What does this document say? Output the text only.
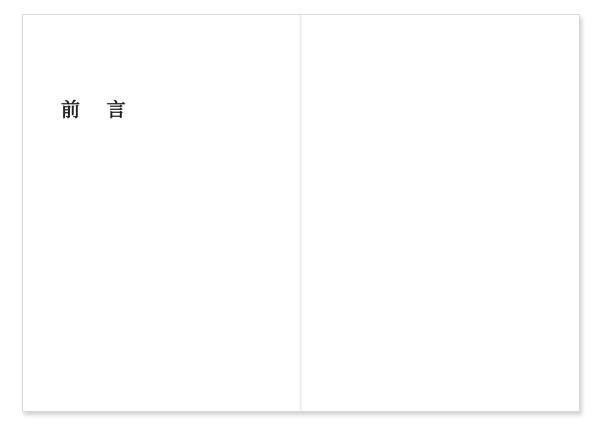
前 言
